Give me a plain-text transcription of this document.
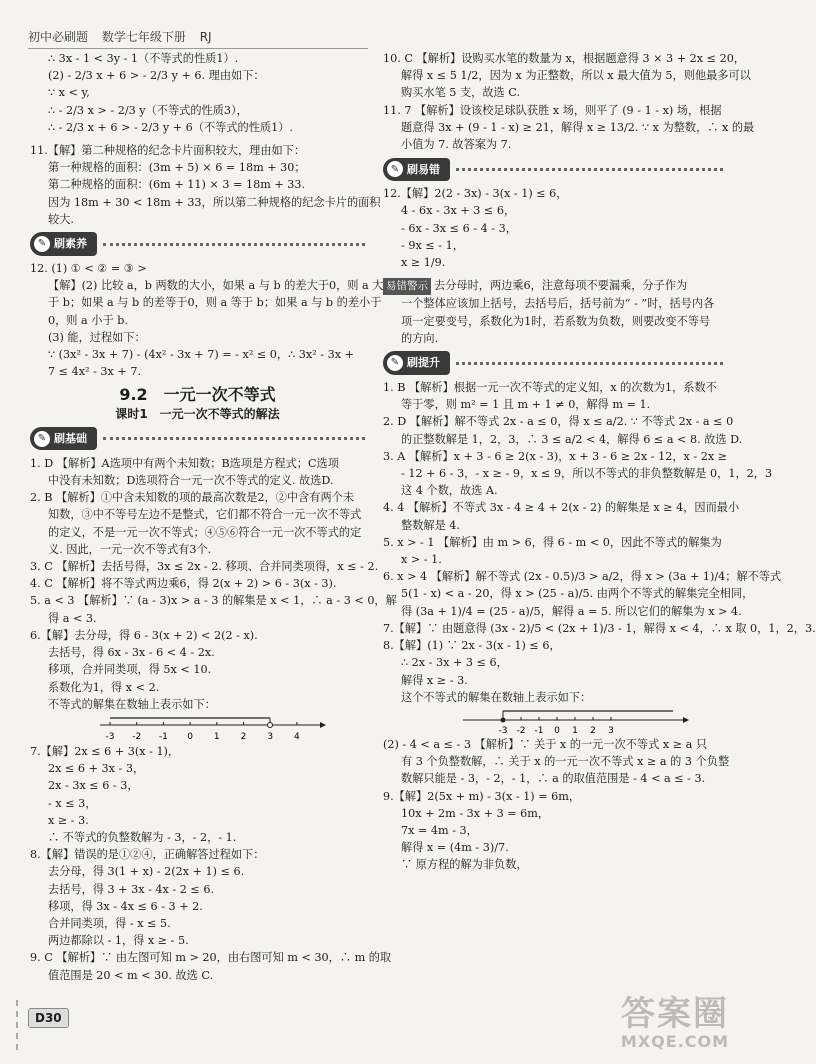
初中必刷题 数学七年级下册 RJ
∴ 3x - 1 < 3y - 1（不等式的性质1）.
(2) - 2/3 x + 6 > - 2/3 y + 6. 理由如下：
∵ x < y,
∴ - 2/3 x > - 2/3 y（不等式的性质3），
∴ - 2/3 x + 6 > - 2/3 y + 6（不等式的性质1）.
11.【解】第二种规格的纪念卡片面积较大，理由如下：
第一种规格的面积：(3m + 5) × 6 = 18m + 30；
第二种规格的面积：(6m + 11) × 3 = 18m + 33.
因为 18m + 30 < 18m + 33，所以第二种规格的纪念卡片的面积
较大.
✎ 刷素养
12. (1) ① < ② = ③ >
【解】(2) 比较 a，b 两数的大小，如果 a 与 b 的差大于0，则 a 大
于 b；如果 a 与 b 的差等于0，则 a 等于 b；如果 a 与 b 的差小于
0，则 a 小于 b.
(3) 能，过程如下：
∵ (3x² - 3x + 7) - (4x² - 3x + 7) = - x² ≤ 0，∴ 3x² - 3x +
7 ≤ 4x² - 3x + 7.
9.2　一元一次不等式
课时1　一元一次不等式的解法
✎ 刷基础
1. D 【解析】A选项中有两个未知数；B选项是方程式；C选项
中没有未知数；D选项符合一元一次不等式的定义. 故选D.
2. B 【解析】①中含未知数的项的最高次数是2，②中含有两个未
知数，③中不等号左边不是整式，它们都不符合一元一次不等式
的定义，不是一元一次不等式；④⑤⑥符合一元一次不等式的定
义. 因此，一元一次不等式有3个.
3. C 【解析】去括号得，3x ≤ 2x - 2. 移项、合并同类项得，x ≤ - 2.
4. C 【解析】将不等式两边乘6，得 2(x + 2) > 6 - 3(x - 3).
5. a < 3 【解析】∵ (a - 3)x > a - 3 的解集是 x < 1，∴ a - 3 < 0，解
得 a < 3.
6.【解】去分母，得 6 - 3(x + 2) < 2(2 - x).
去括号，得 6x - 3x - 6 < 4 - 2x.
移项，合并同类项，得 5x < 10.
系数化为1，得 x < 2.
不等式的解集在数轴上表示如下：
-3 -2 -1 0 1 2 3 4
7.【解】2x ≤ 6 + 3(x - 1)，
2x ≤ 6 + 3x - 3，
2x - 3x ≤ 6 - 3，
- x ≤ 3，
x ≥ - 3.
∴ 不等式的负整数解为 - 3，- 2，- 1.
8.【解】错误的是①②④，正确解答过程如下：
去分母，得 3(1 + x) - 2(2x + 1) ≤ 6.
去括号，得 3 + 3x - 4x - 2 ≤ 6.
移项，得 3x - 4x ≤ 6 - 3 + 2.
合并同类项，得 - x ≤ 5.
两边都除以 - 1，得 x ≥ - 5.
9. C 【解析】∵ 由左图可知 m > 20，由右图可知 m < 30，∴ m 的取
值范围是 20 < m < 30. 故选 C.
10. C 【解析】设购买水笔的数量为 x，根据题意得 3 × 3 + 2x ≤ 20，
解得 x ≤ 5 1/2，因为 x 为正整数，所以 x 最大值为 5，则他最多可以
购买水笔 5 支，故选 C.
11. 7 【解析】设该校足球队获胜 x 场，则平了 (9 - 1 - x) 场，根据
题意得 3x + (9 - 1 - x) ≥ 21，解得 x ≥ 13/2. ∵ x 为整数，∴ x 的最
小值为 7. 故答案为 7.
✎ 刷易错
12.【解】2(2 - 3x) - 3(x - 1) ≤ 6，
4 - 6x - 3x + 3 ≤ 6，
- 6x - 3x ≤ 6 - 4 - 3，
- 9x ≤ - 1，
x ≥ 1/9.
易错警示 去分母时，两边乘6，注意每项不要漏乘，分子作为
一个整体应该加上括号，去括号后，括号前为“ - ”时，括号内各
项一定要变号，系数化为1时，若系数为负数，则要改变不等号
的方向.
✎ 刷提升
1. B 【解析】根据一元一次不等式的定义知，x 的次数为1，系数不
等于零，则 m² = 1 且 m + 1 ≠ 0，解得 m = 1.
2. D 【解析】解不等式 2x - a ≤ 0，得 x ≤ a/2. ∵ 不等式 2x - a ≤ 0
的正整数解是 1，2，3，∴ 3 ≤ a/2 < 4，解得 6 ≤ a < 8. 故选 D.
3. A 【解析】x + 3 - 6 ≥ 2(x - 3)，x + 3 - 6 ≥ 2x - 12，x - 2x ≥
- 12 + 6 - 3，- x ≥ - 9，x ≤ 9，所以不等式的非负整数解是 0，1，2，3
这 4 个数，故选 A.
4. 4 【解析】不等式 3x - 4 ≥ 4 + 2(x - 2) 的解集是 x ≥ 4，因而最小
整数解是 4.
5. x > - 1 【解析】由 m > 6，得 6 - m < 0，因此不等式的解集为
x > - 1.
6. x > 4 【解析】解不等式 (2x - 0.5)/3 > a/2，得 x > (3a + 1)/4；解不等式
5(1 - x) < a - 20，得 x > (25 - a)/5. 由两个不等式的解集完全相同，
得 (3a + 1)/4 = (25 - a)/5，解得 a = 5. 所以它们的解集为 x > 4.
7.【解】∵ 由题意得 (3x - 2)/5 < (2x + 1)/3 - 1，解得 x < 4，∴ x 取 0，1，2，3.
8.【解】(1) ∵ 2x - 3(x - 1) ≤ 6，
∴ 2x - 3x + 3 ≤ 6，
解得 x ≥ - 3.
这个不等式的解集在数轴上表示如下：
-3 -2 -1 0 1 2 3
(2) - 4 < a ≤ - 3 【解析】∵ 关于 x 的一元一次不等式 x ≥ a 只
有 3 个负整数解，∴ 关于 x 的一元一次不等式 x ≥ a 的 3 个负整
数解只能是 - 3，- 2，- 1，∴ a 的取值范围是 - 4 < a ≤ - 3.
9.【解】2(5x + m) - 3(x - 1) = 6m，
10x + 2m - 3x + 3 = 6m，
7x = 4m - 3，
解得 x = (4m - 3)/7.
∵ 原方程的解为非负数，
D30	答案圈
MXQE.COM
